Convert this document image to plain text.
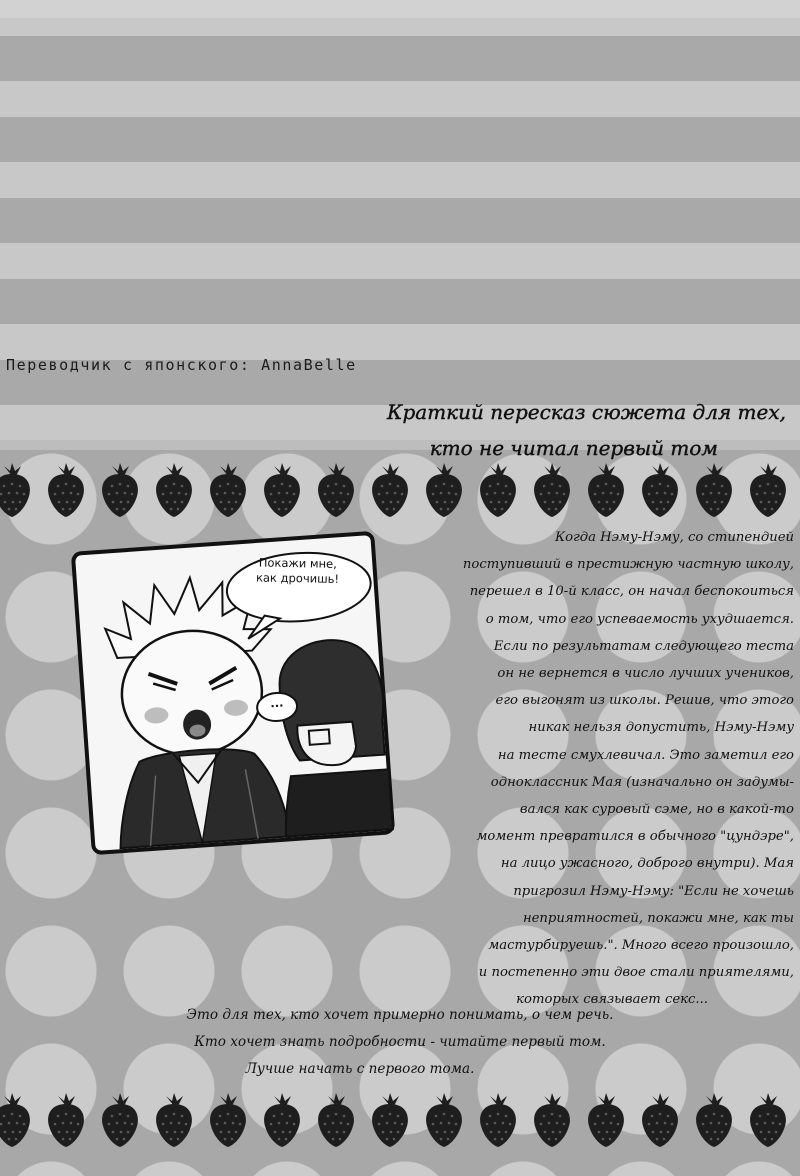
Переводчик с японского: AnnaBelle
Краткий пересказ сюжета для тех,
кто не читал первый том
Покажи мне,
как дрочишь!
...

Когда Нэму-Нэму, со стипендией

поступивший в престижную частную школу,

перешел в 10-й класс, он начал беспокоиться

о том, что его успеваемость ухудшается.

Если по результатам следующего теста

он не вернется в число лучших учеников,

его выгонят из школы. Решив, что этого

никак нельзя допустить, Нэму-Нэму

на тесте смухлевичал. Это заметил его

одноклассник Мая (изначально он задумы-

вался как суровый сэме, но в какой-то

момент превратился в обычного "цундэре",

на лицо ужасного, доброго внутри). Мая

пригрозил Нэму-Нэму: "Если не хочешь

неприятностей, покажи мне, как ты

мастурбируешь.". Много всего произошло,

и постепенно эти двое стали приятелями,

которых связывает секс...

Это для тех, кто хочет примерно понимать, о чем речь.

Кто хочет знать подробности - читайте первый том.

Лучше начать с первого тома.
